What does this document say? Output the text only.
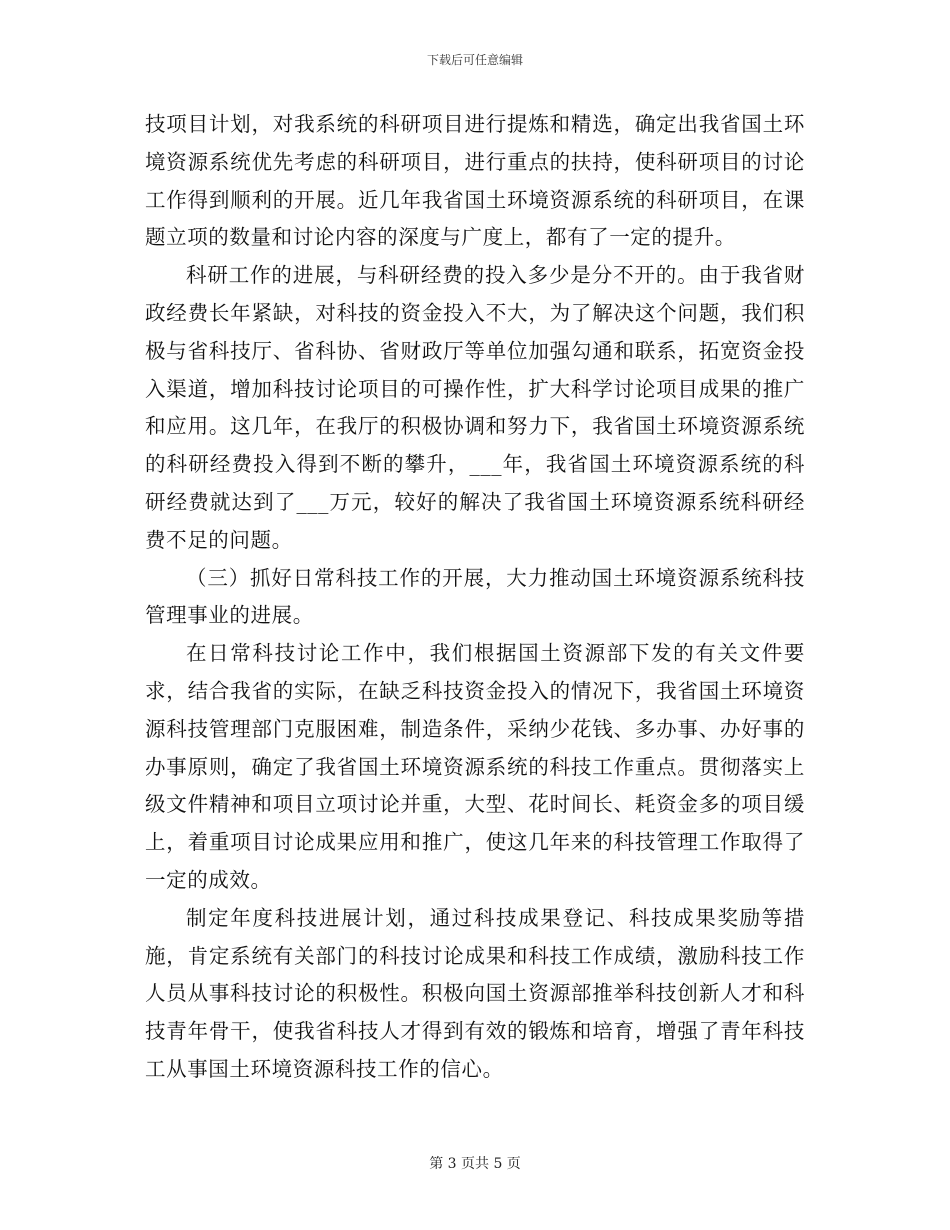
下载后可任意编辑

技项目计划，对我系统的科研项目进行提炼和精选，确定出我省国土环境资源系统优先考虑的科研项目，进行重点的扶持，使科研项目的讨论工作得到顺利的开展。近几年我省国土环境资源系统的科研项目，在课题立项的数量和讨论内容的深度与广度上，都有了一定的提升。

科研工作的进展，与科研经费的投入多少是分不开的。由于我省财政经费长年紧缺，对科技的资金投入不大，为了解决这个问题，我们积极与省科技厅、省科协、省财政厅等单位加强勾通和联系，拓宽资金投入渠道，增加科技讨论项目的可操作性，扩大科学讨论项目成果的推广和应用。这几年，在我厅的积极协调和努力下，我省国土环境资源系统的科研经费投入得到不断的攀升，___年，我省国土环境资源系统的科研经费就达到了___万元，较好的解决了我省国土环境资源系统科研经费不足的问题。

（三）抓好日常科技工作的开展，大力推动国土环境资源系统科技管理事业的进展。

在日常科技讨论工作中，我们根据国土资源部下发的有关文件要求，结合我省的实际，在缺乏科技资金投入的情况下，我省国土环境资源科技管理部门克服困难，制造条件，采纳少花钱、多办事、办好事的办事原则，确定了我省国土环境资源系统的科技工作重点。贯彻落实上级文件精神和项目立项讨论并重，大型、花时间长、耗资金多的项目缓上，着重项目讨论成果应用和推广，使这几年来的科技管理工作取得了一定的成效。

制定年度科技进展计划，通过科技成果登记、科技成果奖励等措施，肯定系统有关部门的科技讨论成果和科技工作成绩，激励科技工作人员从事科技讨论的积极性。积极向国土资源部推举科技创新人才和科技青年骨干，使我省科技人才得到有效的锻炼和培育，增强了青年科技工从事国土环境资源科技工作的信心。

第 3 页共 5 页
